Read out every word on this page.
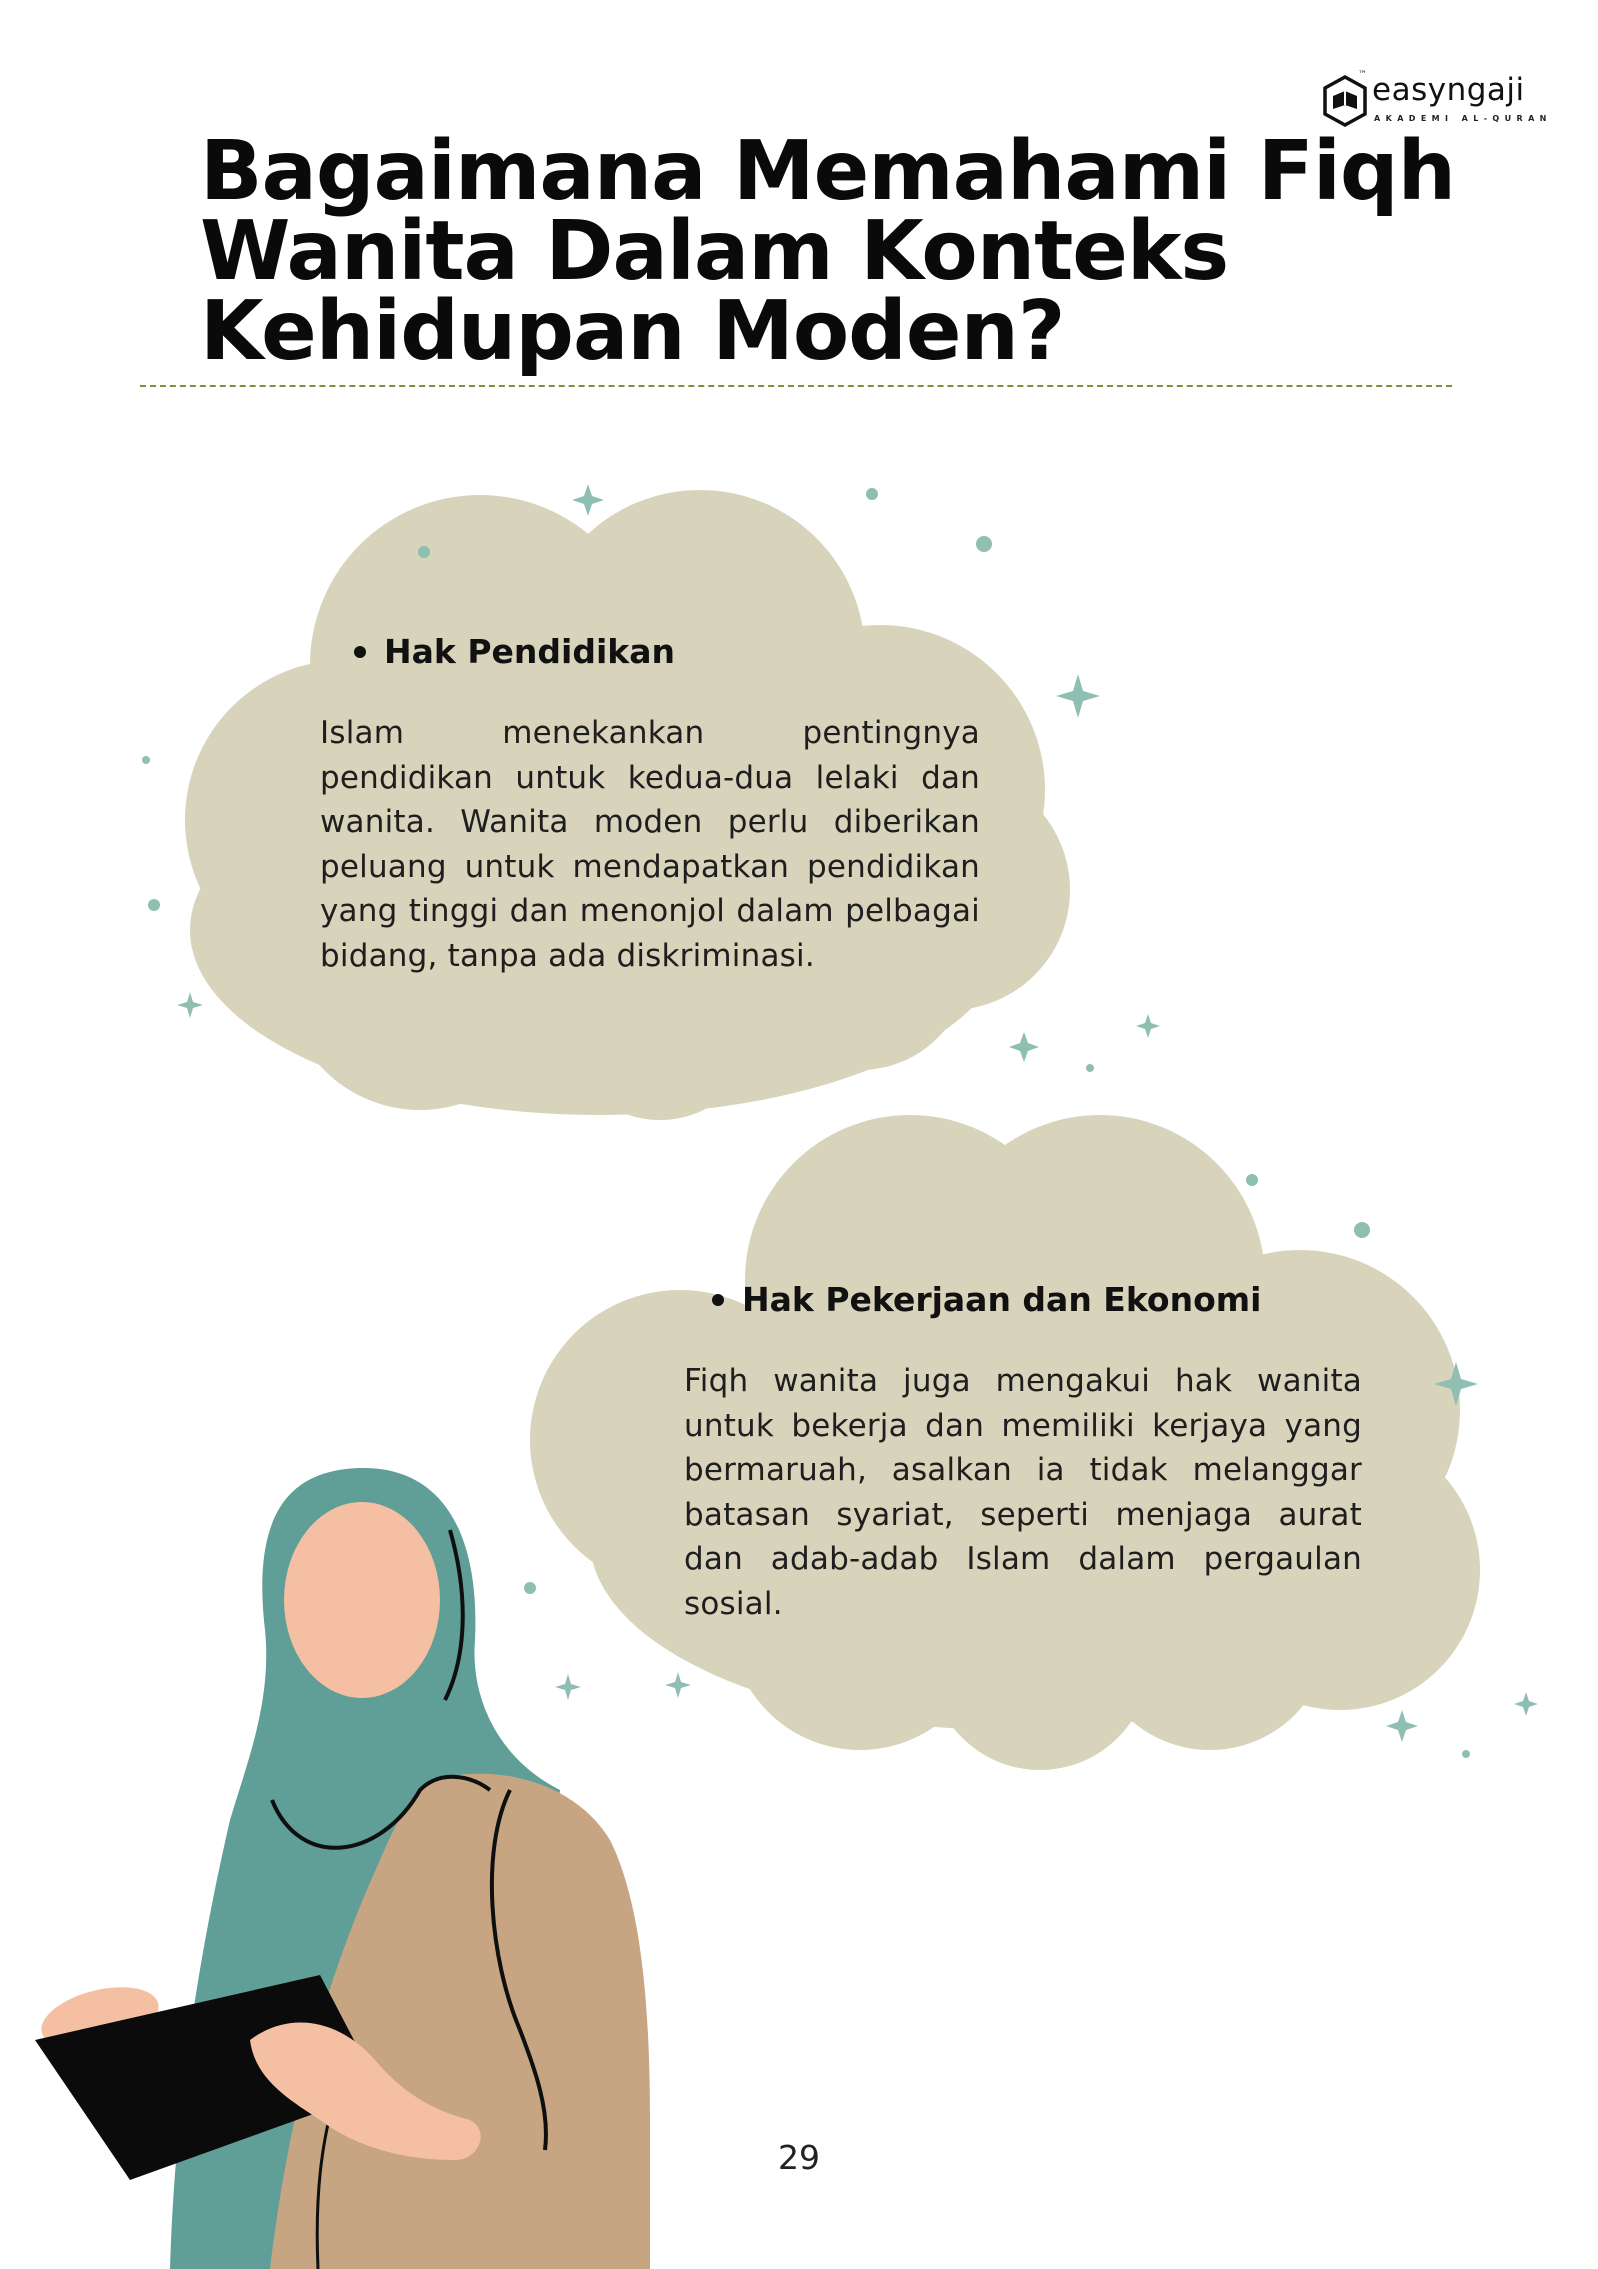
™ easyngaji
AKADEMI AL-QURAN
Bagaimana Memahami Fiqh Wanita Dalam Konteks Kehidupan Moden?
Hak Pendidikan

Islam menekankan pentingnya pendidikan untuk kedua-dua lelaki dan wanita. Wanita moden perlu diberikan peluang untuk mendapatkan pendidikan yang tinggi dan menonjol dalam pelbagai bidang, tanpa ada diskriminasi.

Hak Pekerjaan dan Ekonomi

Fiqh wanita juga mengakui hak wanita untuk bekerja dan memiliki kerjaya yang bermaruah, asalkan ia tidak melanggar batasan syariat, seperti menjaga aurat dan adab-adab Islam dalam pergaulan sosial.

29
